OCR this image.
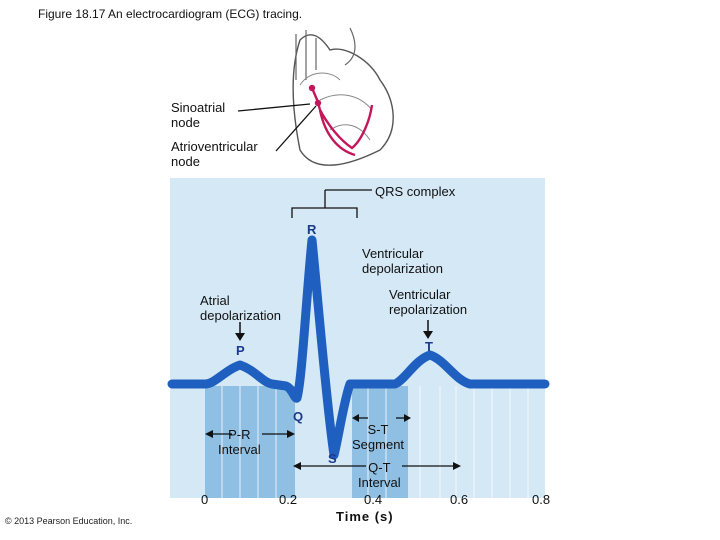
Figure 18.17 An electrocardiogram (ECG) tracing.
Sinoatrial
node
Atrioventricular
node
QRS complex
R
Ventricular
depolarization
Atrial
depolarization
Ventricular
repolarization
P	T
Q
S
P-R
Interval
S-T
Segment
Q-T
Interval
0	0.2	0.4	0.6	0.8
Time (s)
© 2013 Pearson Education, Inc.
